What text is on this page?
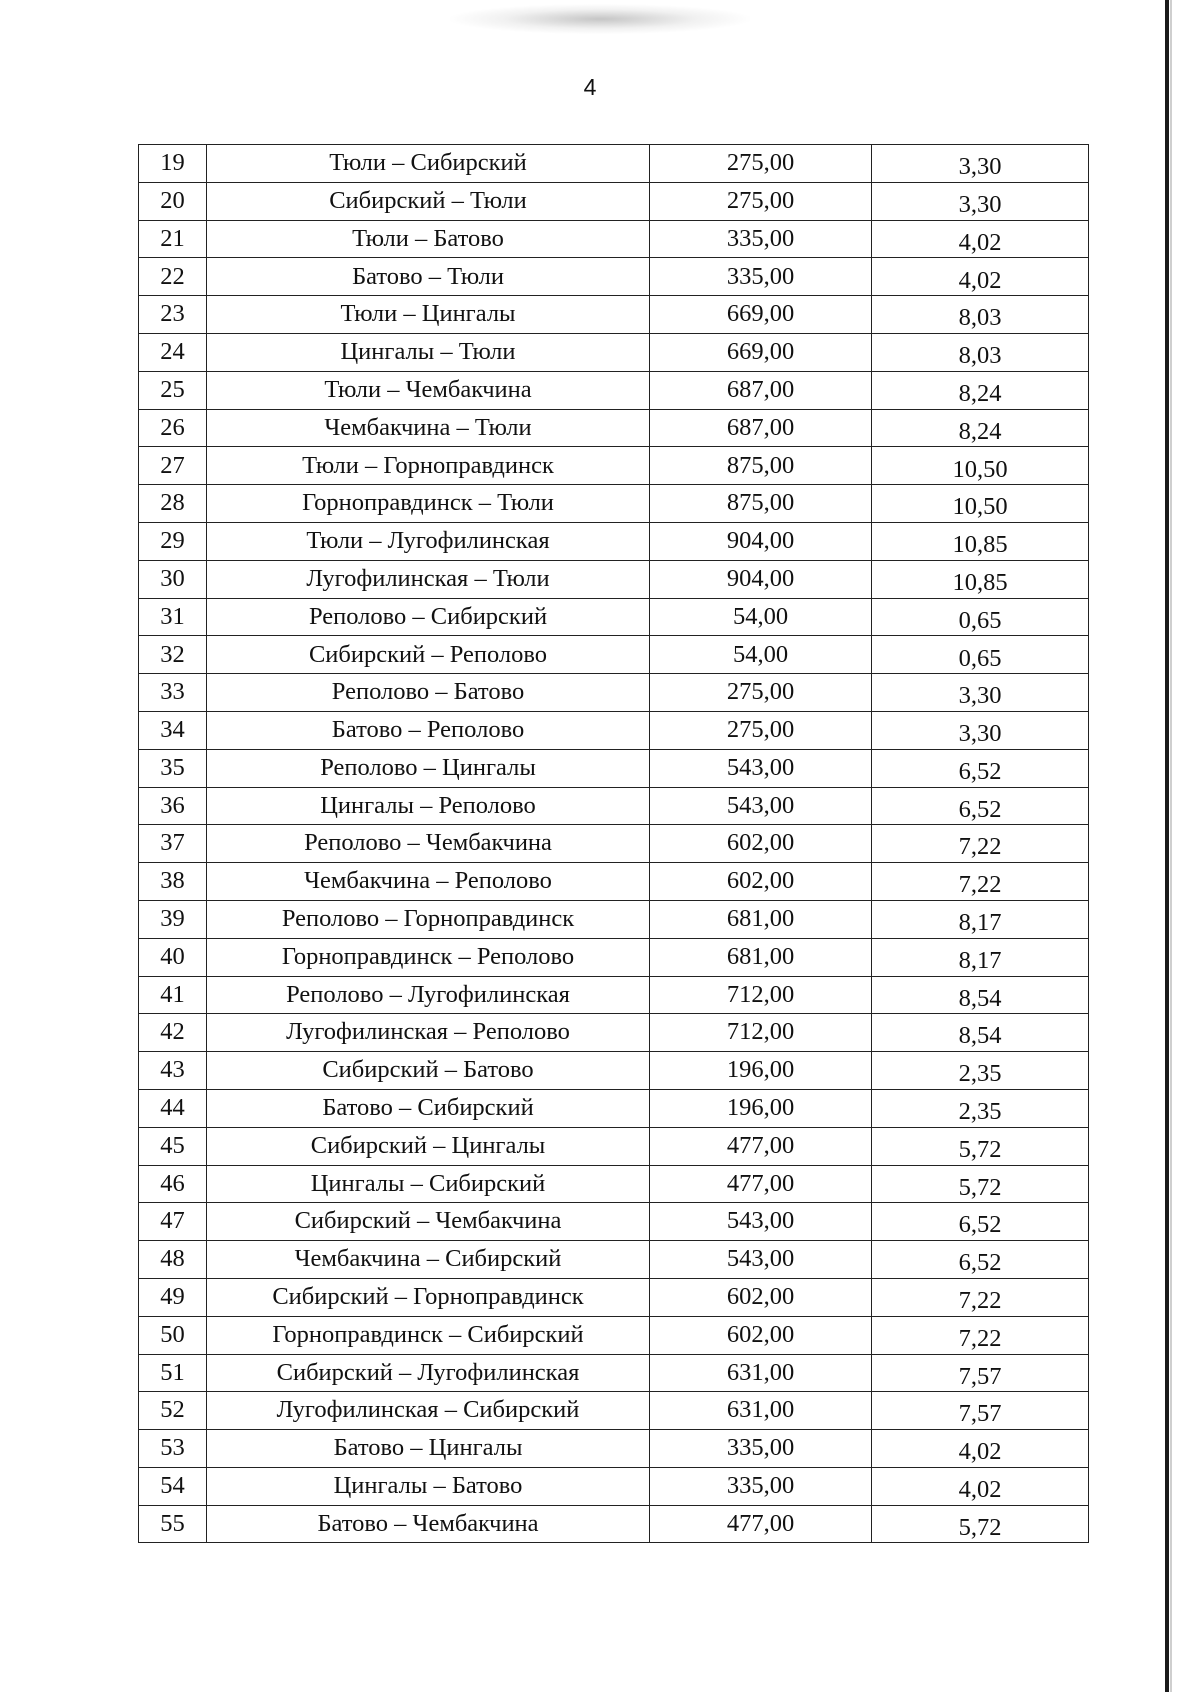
4
19	Тюли – Сибирский	275,00	3,30
20	Сибирский – Тюли	275,00	3,30
21	Тюли – Батово	335,00	4,02
22	Батово – Тюли	335,00	4,02
23	Тюли – Цингалы	669,00	8,03
24	Цингалы – Тюли	669,00	8,03
25	Тюли – Чембакчина	687,00	8,24
26	Чембакчина – Тюли	687,00	8,24
27	Тюли – Горноправдинск	875,00	10,50
28	Горноправдинск – Тюли	875,00	10,50
29	Тюли – Лугофилинская	904,00	10,85
30	Лугофилинская – Тюли	904,00	10,85
31	Реполово – Сибирский	54,00	0,65
32	Сибирский – Реполово	54,00	0,65
33	Реполово – Батово	275,00	3,30
34	Батово – Реполово	275,00	3,30
35	Реполово – Цингалы	543,00	6,52
36	Цингалы – Реполово	543,00	6,52
37	Реполово – Чембакчина	602,00	7,22
38	Чембакчина – Реполово	602,00	7,22
39	Реполово – Горноправдинск	681,00	8,17
40	Горноправдинск – Реполово	681,00	8,17
41	Реполово – Лугофилинская	712,00	8,54
42	Лугофилинская – Реполово	712,00	8,54
43	Сибирский – Батово	196,00	2,35
44	Батово – Сибирский	196,00	2,35
45	Сибирский – Цингалы	477,00	5,72
46	Цингалы – Сибирский	477,00	5,72
47	Сибирский – Чембакчина	543,00	6,52
48	Чембакчина – Сибирский	543,00	6,52
49	Сибирский – Горноправдинск	602,00	7,22
50	Горноправдинск – Сибирский	602,00	7,22
51	Сибирский – Лугофилинская	631,00	7,57
52	Лугофилинская – Сибирский	631,00	7,57
53	Батово – Цингалы	335,00	4,02
54	Цингалы – Батово	335,00	4,02
55	Батово – Чембакчина	477,00	5,72
